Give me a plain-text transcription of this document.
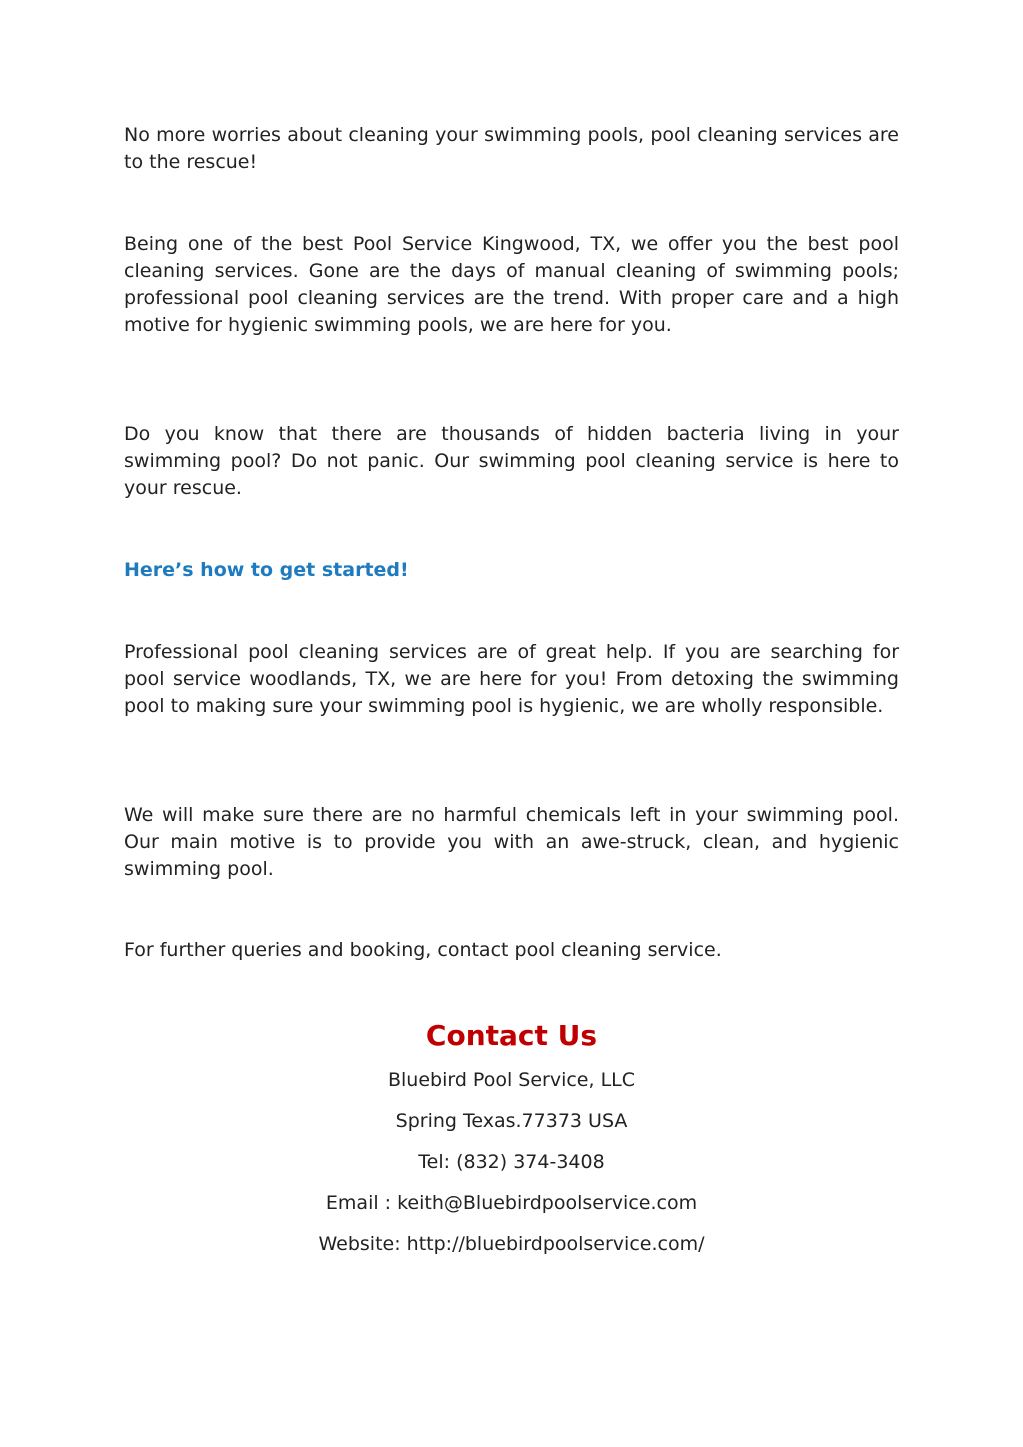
No more worries about cleaning your swimming pools, pool cleaning services are to the rescue!

Being one of the best Pool Service Kingwood, TX, we offer you the best pool cleaning services. Gone are the days of manual cleaning of swimming pools; professional pool cleaning services are the trend. With proper care and a high motive for hygienic swimming pools, we are here for you.

Do you know that there are thousands of hidden bacteria living in your swimming pool? Do not panic. Our swimming pool cleaning service is here to your rescue.

Here’s how to get started!

Professional pool cleaning services are of great help. If you are searching for pool service woodlands, TX, we are here for you! From detoxing the swimming pool to making sure your swimming pool is hygienic, we are wholly responsible.

We will make sure there are no harmful chemicals left in your swimming pool. Our main motive is to provide you with an awe-struck, clean, and hygienic swimming pool.

For further queries and booking, contact pool cleaning service.

Contact Us

Bluebird Pool Service, LLC

Spring Texas.77373 USA

Tel: (832) 374-3408

Email : keith@Bluebirdpoolservice.com

Website: http://bluebirdpoolservice.com/
